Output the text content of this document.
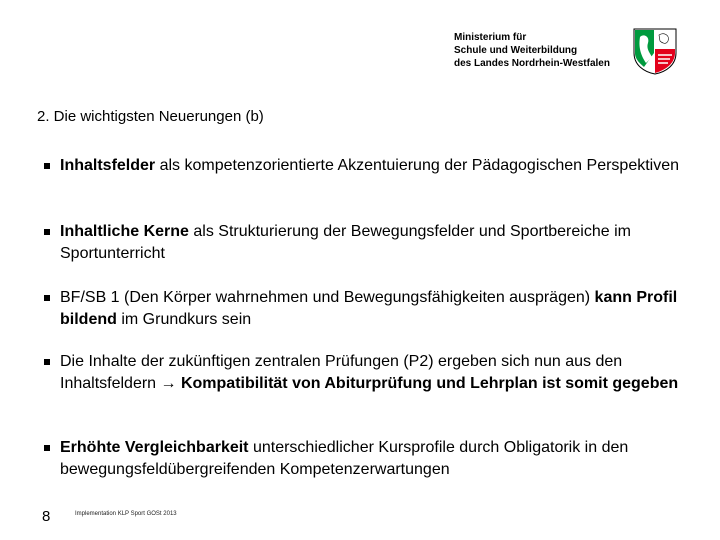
Ministerium für
Schule und Weiterbildung
des Landes Nordrhein-Westfalen
2. Die wichtigsten Neuerungen (b)
Inhaltsfelder als kompetenzorientierte Akzentuierung der Pädagogischen Perspektiven
Inhaltliche Kerne als Strukturierung der Bewegungsfelder und Sportbereiche im Sportunterricht
BF/SB 1 (Den Körper wahrnehmen und Bewegungsfähigkeiten ausprägen) kann Profil bildend im Grundkurs sein
Die Inhalte der zukünftigen zentralen Prüfungen (P2) ergeben sich nun aus den Inhaltsfeldern → Kompatibilität von Abiturprüfung und Lehrplan ist somit gegeben
Erhöhte Vergleichbarkeit unterschiedlicher Kursprofile durch Obligatorik in den bewegungsfeldübergreifenden Kompetenzerwartungen
8	Implementation KLP Sport GOSt 2013
